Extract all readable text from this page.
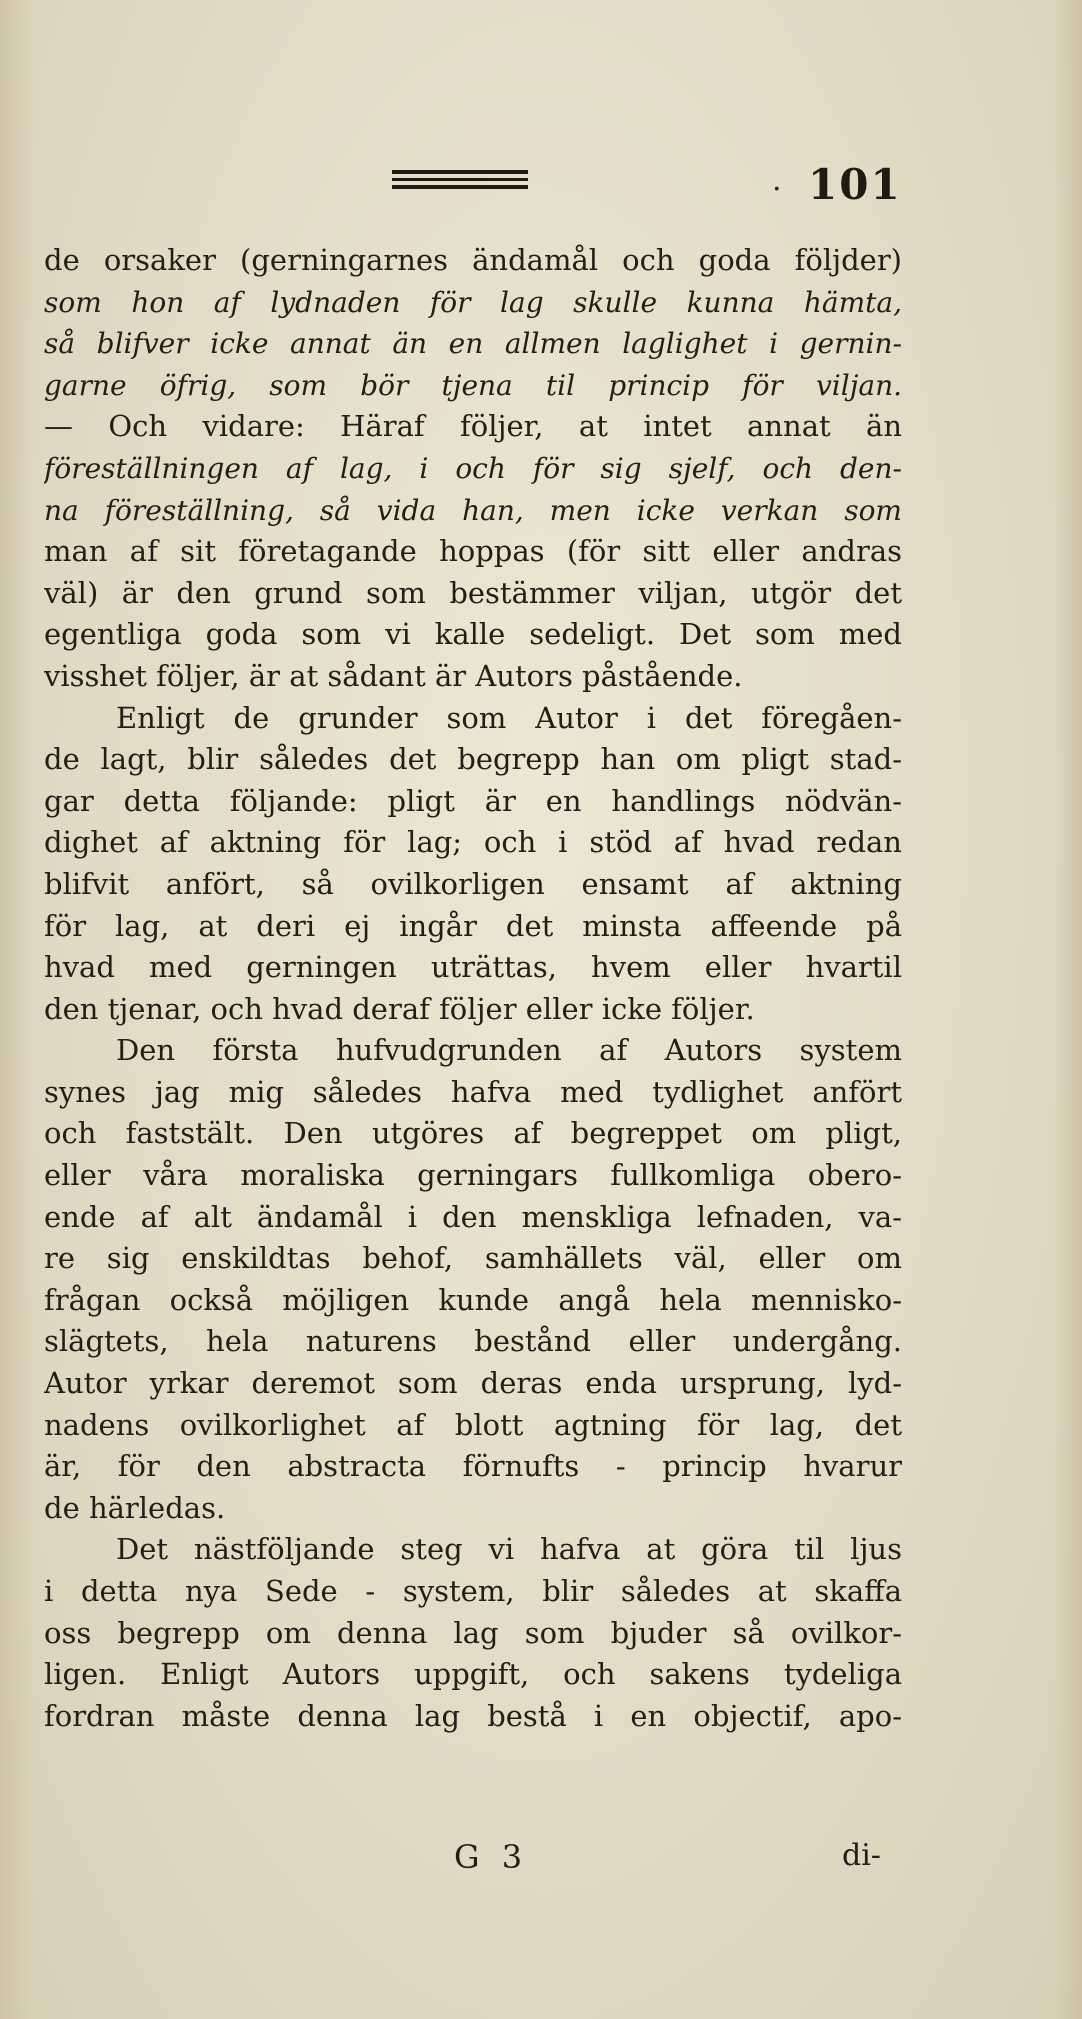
· 101
de orsaker (gerningarnes ändamål och goda följder)
som hon af lydnaden för lag skulle kunna hämta,
så blifver icke annat än en allmen laglighet i gernin-
garne öfrig, som bör tjena til princip för viljan.
— Och vidare: Häraf följer, at intet annat än
föreställningen af lag, i och för sig sjelf, och den-
na föreställning, så vida han, men icke verkan som
man af sit företagande hoppas (för sitt eller andras
väl) är den grund som bestämmer viljan, utgör det
egentliga goda som vi kalle sedeligt. Det som med
visshet följer, är at sådant är Autors påstående.
Enligt de grunder som Autor i det föregåen-
de lagt, blir således det begrepp han om pligt stad-
gar detta följande: pligt är en handlings nödvän-
dighet af aktning för lag; och i stöd af hvad redan
blifvit anfört, så ovilkorligen ensamt af aktning
för lag, at deri ej ingår det minsta affeende på
hvad med gerningen uträttas, hvem eller hvartil
den tjenar, och hvad deraf följer eller icke följer.
Den första hufvudgrunden af Autors system
synes jag mig således hafva med tydlighet anfört
och faststält. Den utgöres af begreppet om pligt,
eller våra moraliska gerningars fullkomliga obero-
ende af alt ändamål i den menskliga lefnaden, va-
re sig enskildtas behof, samhällets väl, eller om
frågan också möjligen kunde angå hela mennisko-
slägtets, hela naturens bestånd eller undergång.
Autor yrkar deremot som deras enda ursprung, lyd-
nadens ovilkorlighet af blott agtning för lag, det
är, för den abstracta förnufts - princip hvarur
de härledas.
Det nästföljande steg vi hafva at göra til ljus
i detta nya Sede - system, blir således at skaffa
oss begrepp om denna lag som bjuder så ovilkor-
ligen. Enligt Autors uppgift, och sakens tydeliga
fordran måste denna lag bestå i en objectif, apo-
G 3	di-
